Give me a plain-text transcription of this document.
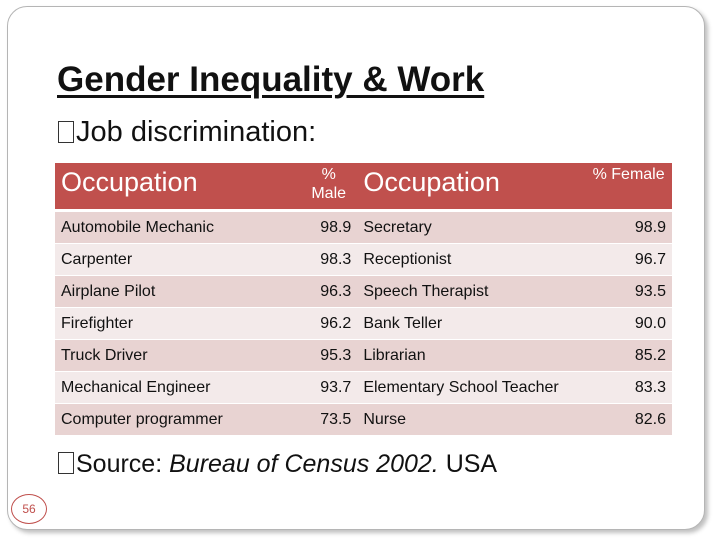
Gender Inequality & Work
Job discrimination:
Occupation	% Male	Occupation	% Female
Automobile Mechanic	98.9	Secretary	98.9
Carpenter	98.3	Receptionist	96.7
Airplane Pilot	96.3	Speech Therapist	93.5
Firefighter	96.2	Bank Teller	90.0
Truck Driver	95.3	Librarian	85.2
Mechanical Engineer	93.7	Elementary School Teacher	83.3
Computer programmer	73.5	Nurse	82.6
Source: Bureau of Census 2002. USA
56
